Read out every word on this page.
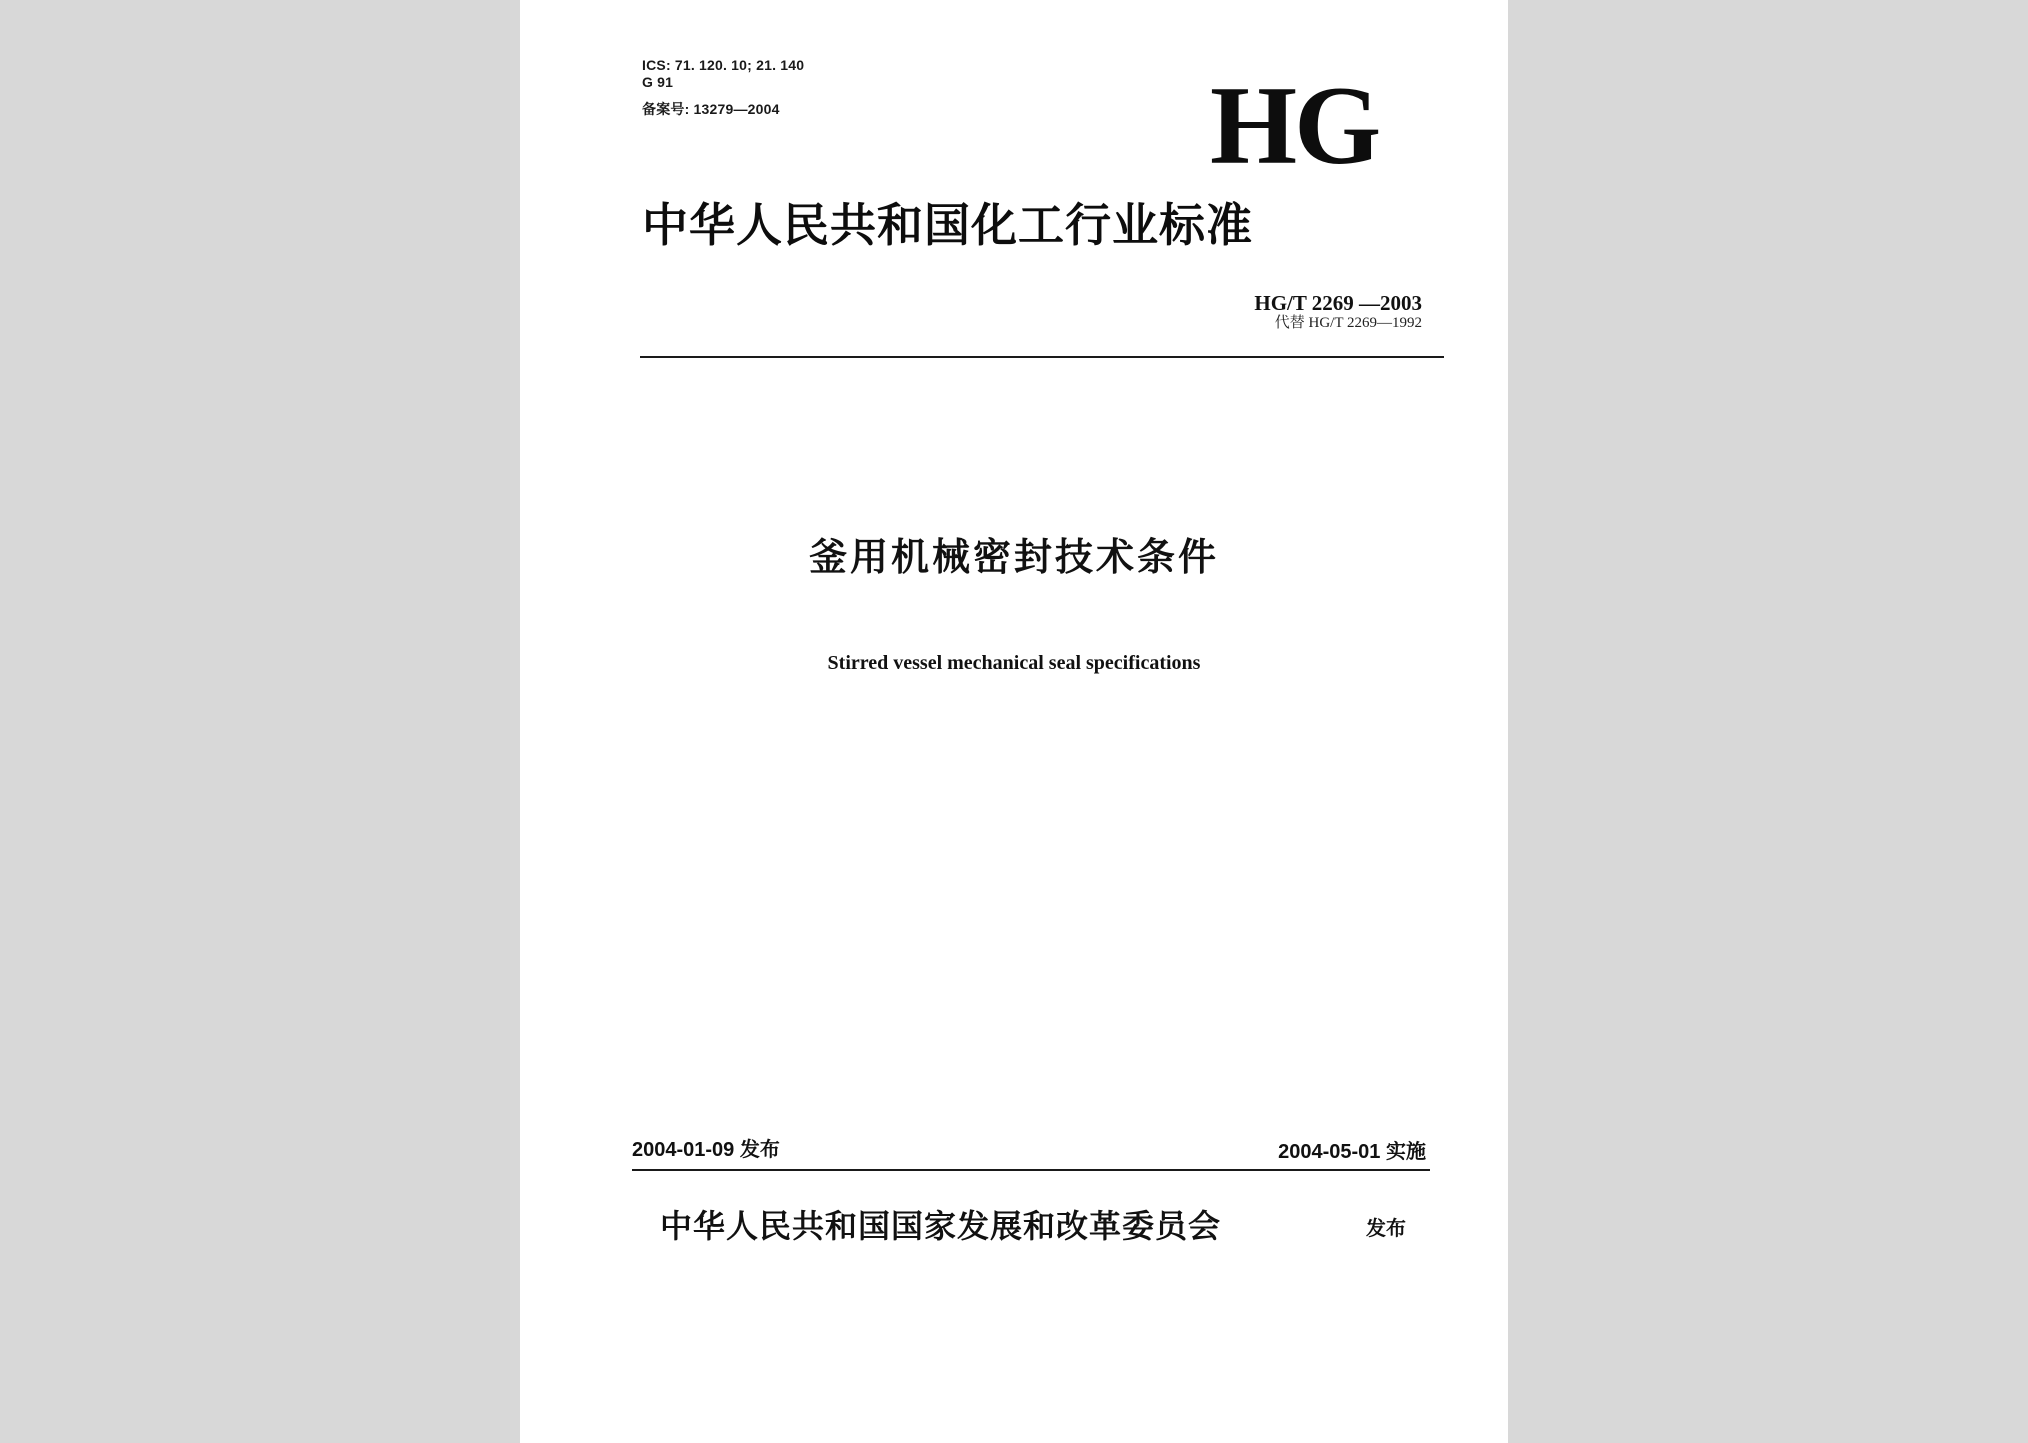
ICS: 71. 120. 10; 21. 140
G 91
备案号: 13279—2004	HG
中华人民共和国化工行业标准
HG/T 2269 —2003
代替 HG/T 2269—1992
釜用机械密封技术条件
Stirred vessel mechanical seal specifications
2004-01-09 发布	2004-05-01 实施
中华人民共和国国家发展和改革委员会	发布
